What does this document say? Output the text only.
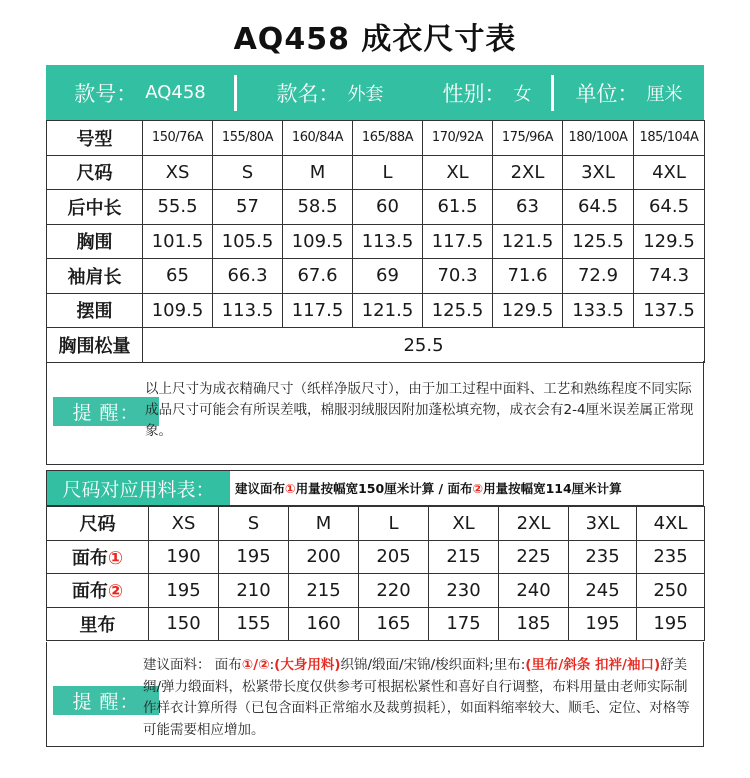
AQ458 成衣尺寸表
款号： AQ458	款名： 外套	性别： 女 单位： 厘米
号型	150/76A	155/80A	160/84A	165/88A	170/92A	175/96A	180/100A	185/104A
尺码	XS	S	M	L	XL	2XL	3XL	4XL
后中长	55.5	57	58.5	60	61.5	63	64.5	64.5
胸围	101.5	105.5	109.5	113.5	117.5	121.5	125.5	129.5
袖肩长	65	66.3	67.6	69	70.3	71.6	72.9	74.3
摆围	109.5	113.5	117.5	121.5	125.5	129.5	133.5	137.5
胸围松量	25.5							
提 醒：
以上尺寸为成衣精确尺寸（纸样净版尺寸），由于加工过程中面料、工艺和熟练程度不同实际成品尺寸可能会有所误差哦，棉服羽绒服因附加蓬松填充物，成衣会有2-4厘米误差属正常现象。
尺码对应用料表：	建议面布 ① 用量按幅宽150厘米计算 / 面布 ② 用量按幅宽114厘米计算
尺码	XS	S	M	L	XL	2XL	3XL	4XL
面布①	190	195	200	205	215	225	235	235
面布②	195	210	215	220	230	240	245	250
里布	150	155	160	165	175	185	195	195
提 醒：
建议面料： 面布①/②:(大身用料)织锦/缎面/宋锦/梭织面料;里布:(里布/斜条 扣袢/袖口)舒美绸/弹力缎面料，松紧带长度仅供参考可根据松紧性和喜好自行调整，布料用量由老师实际制作样衣计算所得（已包含面料正常缩水及裁剪损耗），如面料缩率较大、顺毛、定位、对格等可能需要相应增加。
